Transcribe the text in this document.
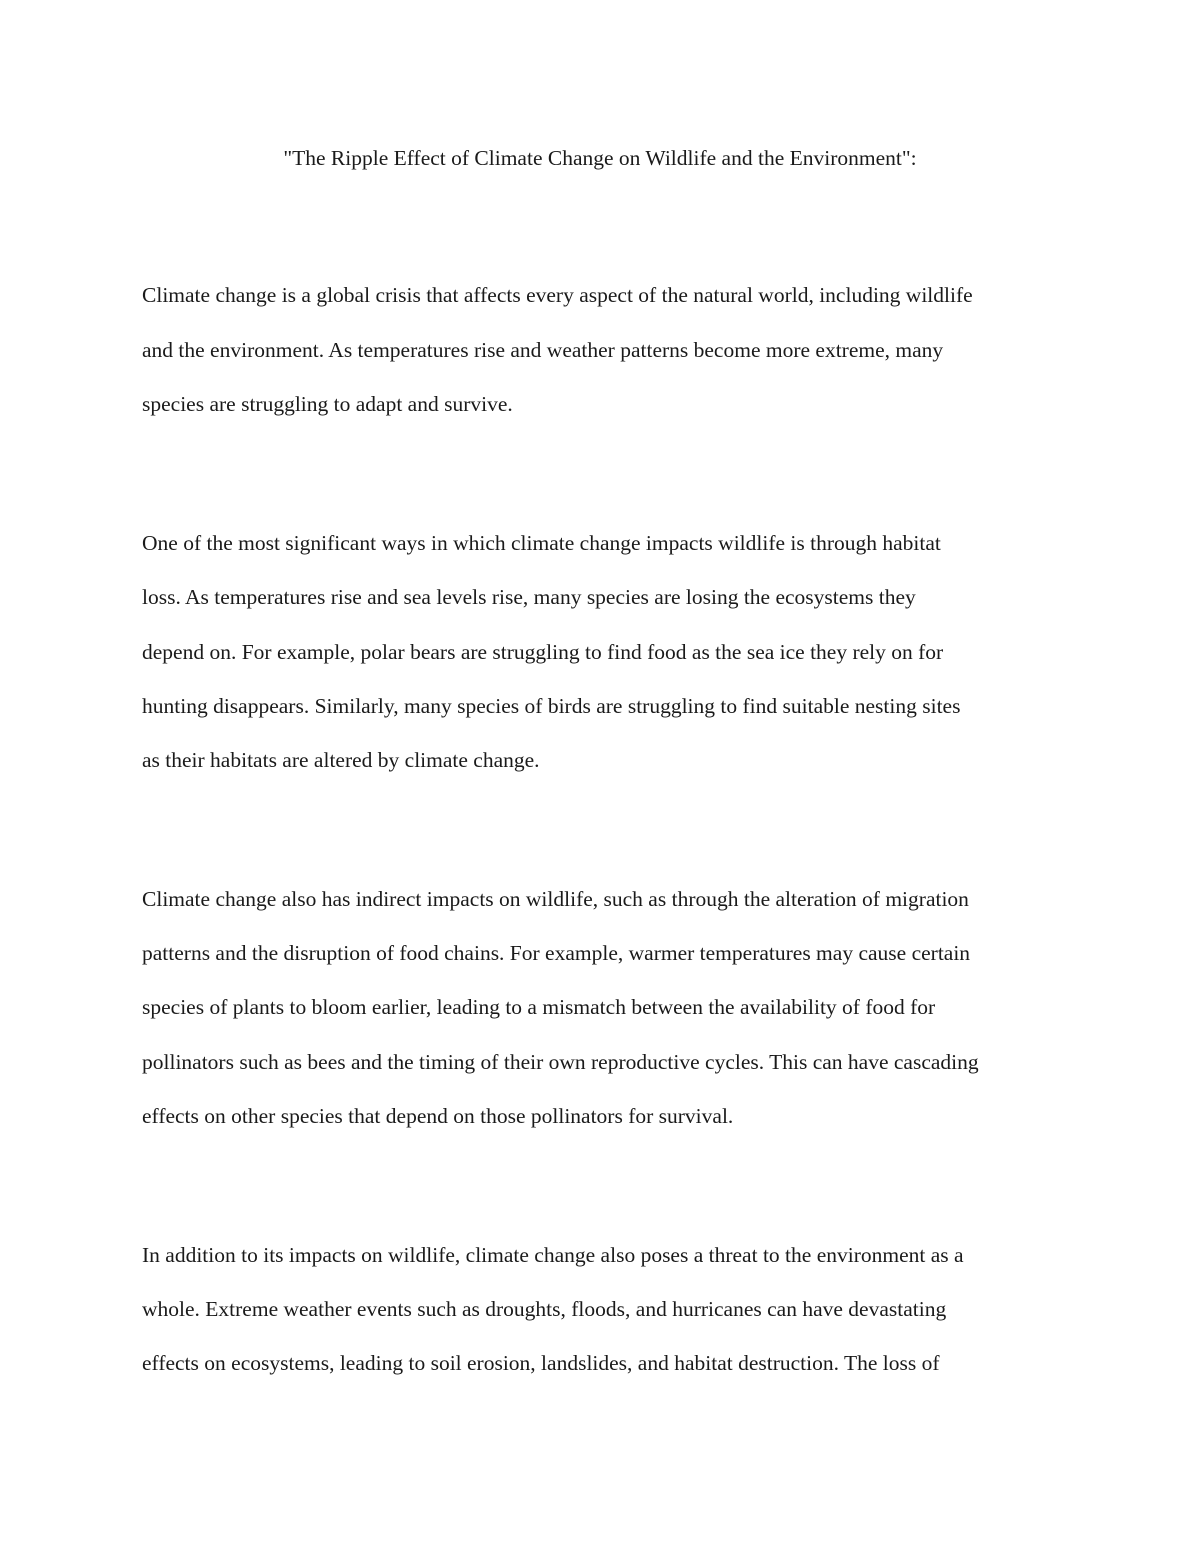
"The Ripple Effect of Climate Change on Wildlife and the Environment":
Climate change is a global crisis that affects every aspect of the natural world, including wildlife
and the environment. As temperatures rise and weather patterns become more extreme, many
species are struggling to adapt and survive.
One of the most significant ways in which climate change impacts wildlife is through habitat
loss. As temperatures rise and sea levels rise, many species are losing the ecosystems they
depend on. For example, polar bears are struggling to find food as the sea ice they rely on for
hunting disappears. Similarly, many species of birds are struggling to find suitable nesting sites
as their habitats are altered by climate change.
Climate change also has indirect impacts on wildlife, such as through the alteration of migration
patterns and the disruption of food chains. For example, warmer temperatures may cause certain
species of plants to bloom earlier, leading to a mismatch between the availability of food for
pollinators such as bees and the timing of their own reproductive cycles. This can have cascading
effects on other species that depend on those pollinators for survival.
In addition to its impacts on wildlife, climate change also poses a threat to the environment as a
whole. Extreme weather events such as droughts, floods, and hurricanes can have devastating
effects on ecosystems, leading to soil erosion, landslides, and habitat destruction. The loss of
